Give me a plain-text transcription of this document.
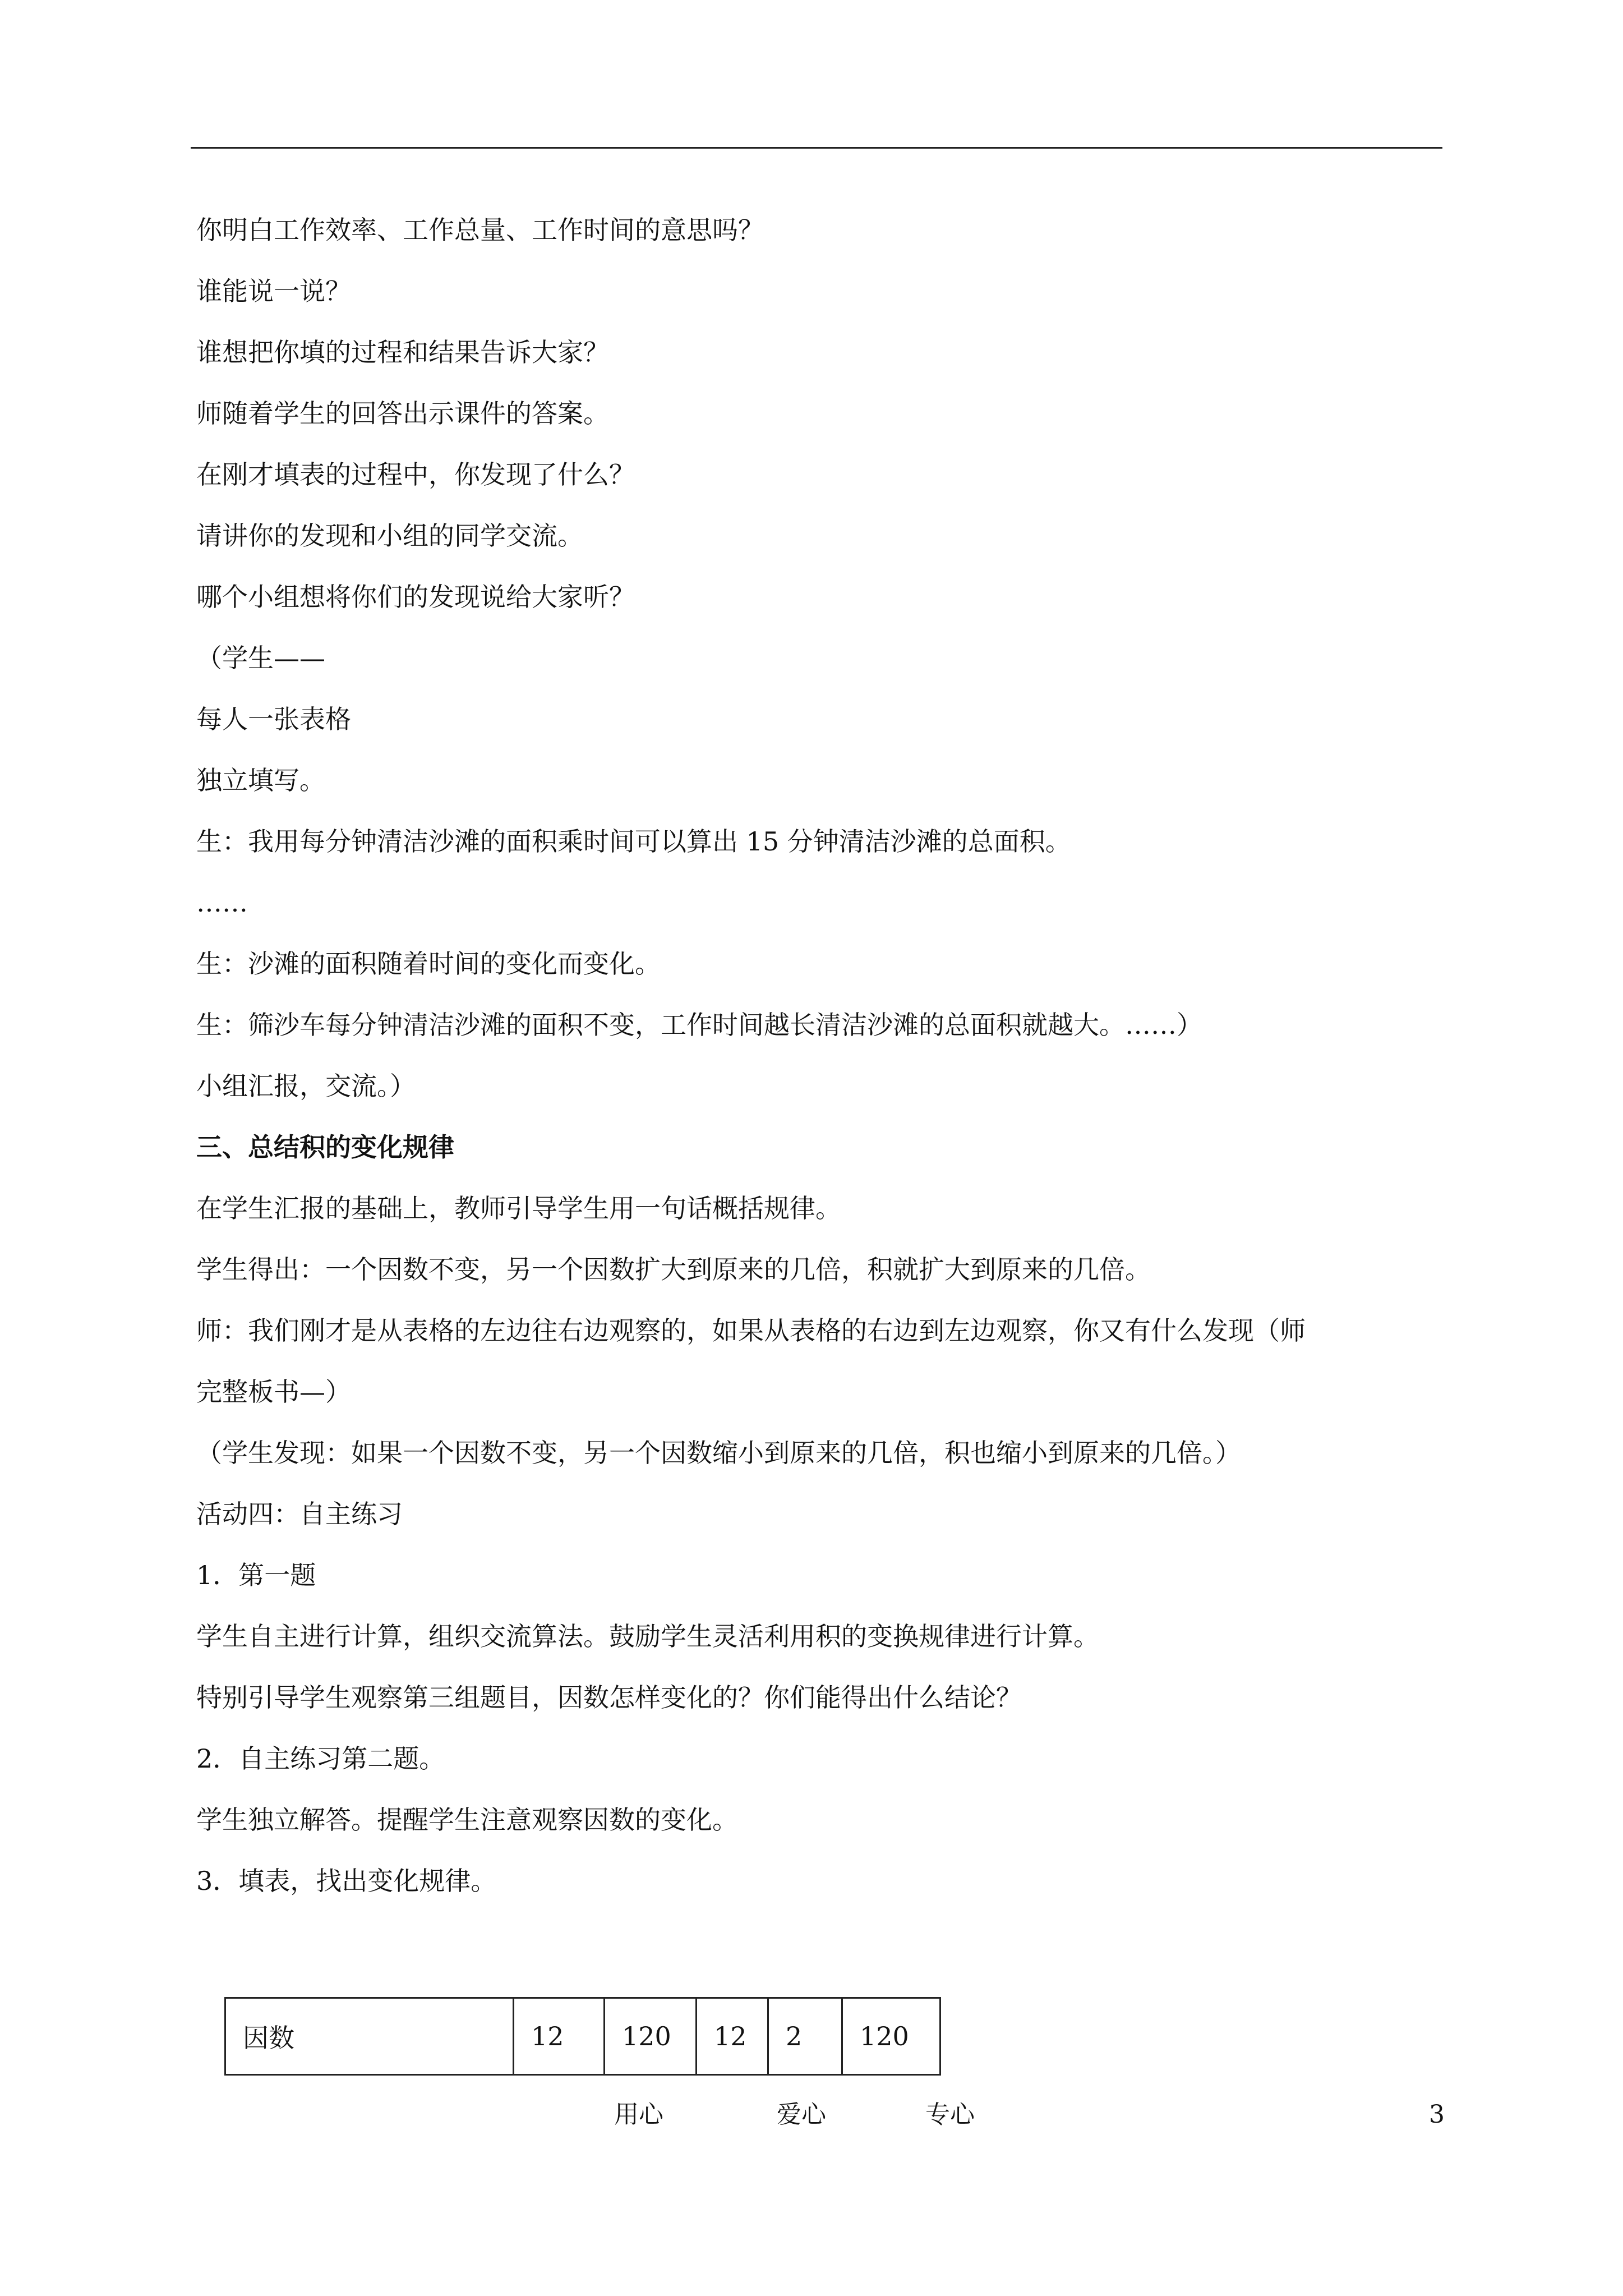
你明白工作效率、工作总量、工作时间的意思吗？
谁能说一说？
谁想把你填的过程和结果告诉大家？
师随着学生的回答出示课件的答案。
在刚才填表的过程中，你发现了什么？
请讲你的发现和小组的同学交流。
哪个小组想将你们的发现说给大家听？
（学生——
每人一张表格
独立填写。
生：我用每分钟清洁沙滩的面积乘时间可以算出 15 分钟清洁沙滩的总面积。
……
生：沙滩的面积随着时间的变化而变化。
生：筛沙车每分钟清洁沙滩的面积不变，工作时间越长清洁沙滩的总面积就越大。……）
小组汇报，交流。）
三、总结积的变化规律
在学生汇报的基础上，教师引导学生用一句话概括规律。
学生得出：一个因数不变，另一个因数扩大到原来的几倍，积就扩大到原来的几倍。
师：我们刚才是从表格的左边往右边观察的，如果从表格的右边到左边观察，你又有什么发现（师
完整板书—）
（学生发现：如果一个因数不变，另一个因数缩小到原来的几倍，积也缩小到原来的几倍。）
活动四：自主练习
1．第一题
学生自主进行计算，组织交流算法。鼓励学生灵活利用积的变换规律进行计算。
特别引导学生观察第三组题目，因数怎样变化的？你们能得出什么结论？
2．自主练习第二题。
学生独立解答。提醒学生注意观察因数的变化。
3．填表，找出变化规律。
因数	12	120	12	2	120
用心	爱心	专心	3
